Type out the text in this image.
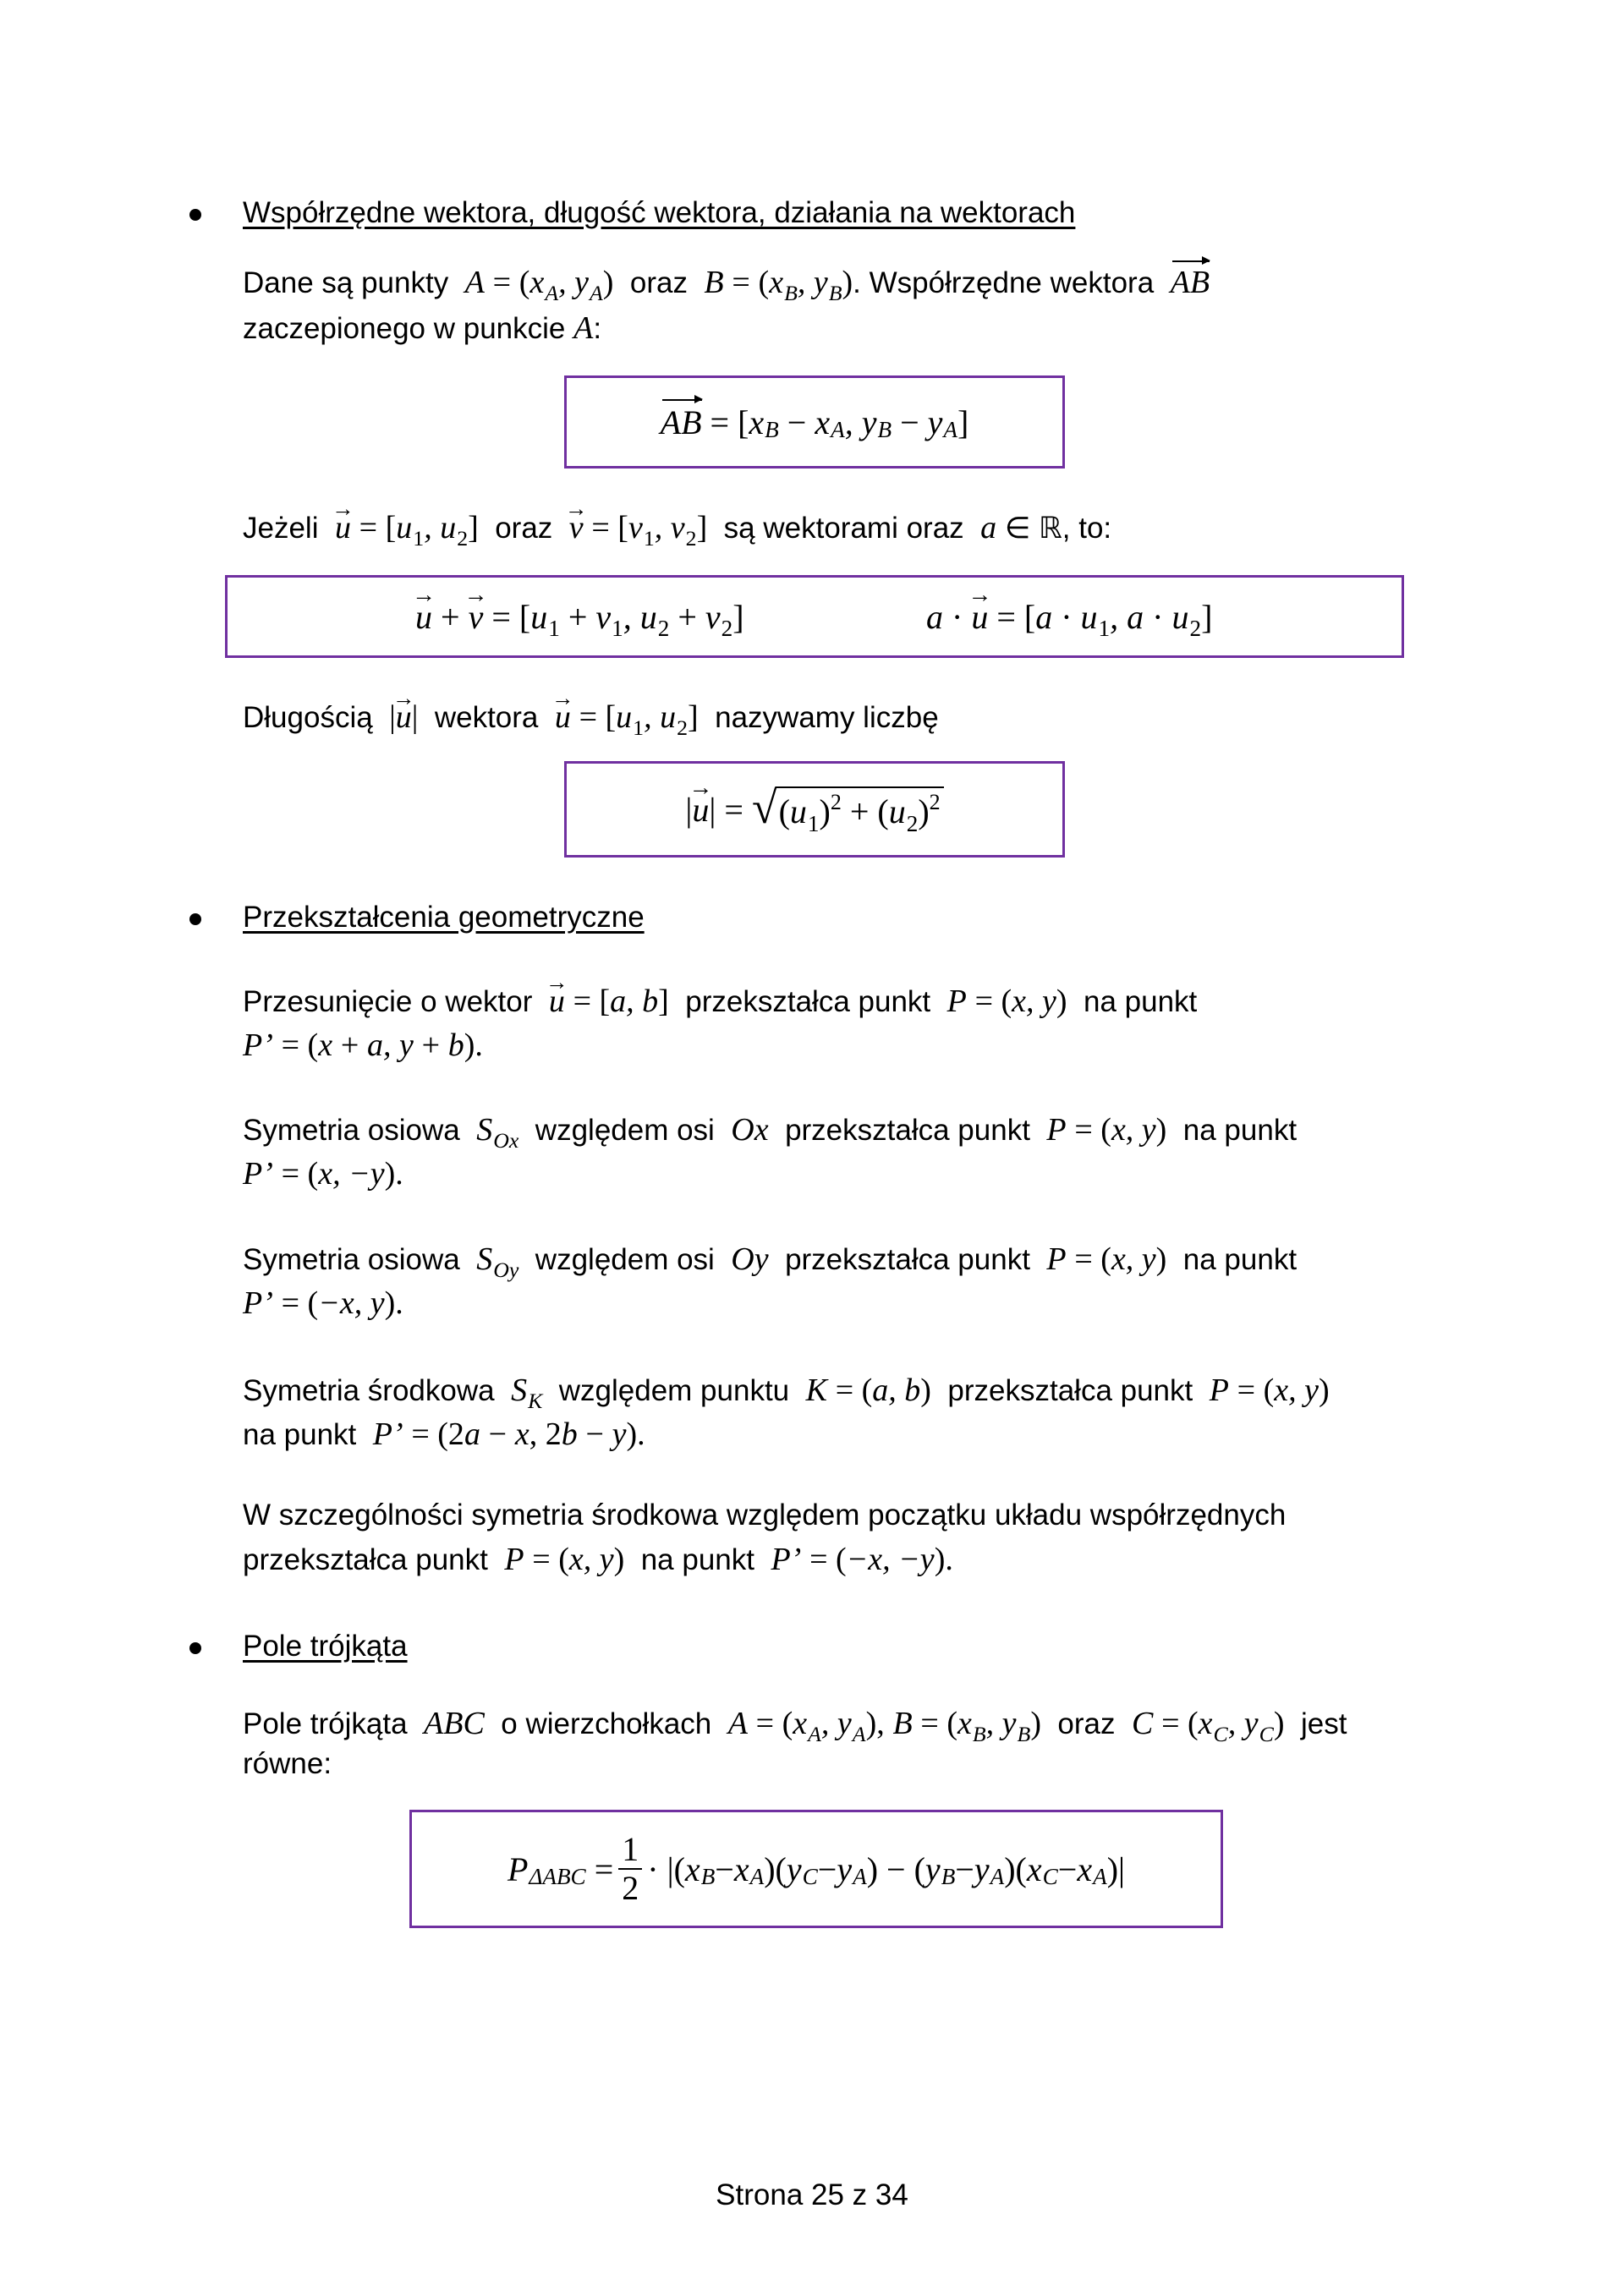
Współrzędne wektora, długość wektora, działania na wektorach
Dane są punkty $A = (x_A$, $y_A$) oraz $B = (x_B$, $y_B$). Współrzędne wektora AB
zaczepionego w punkcie A:
AB
=
[ x B
− x A , y B
− y A ]
Jeżeli → $u = [u_1$, $u_2$] oraz → $v = [v_1$, $v_2$] są wektorami oraz a ∈ ℝ, to:
→ u + → $v = [u_1 + v_1$, $u_2 + v_2$]	a · → $u = [a \cdot u_1$, $a \cdot u_2$]
Długością |→ u| wektora → $u = [u_1$, $u_2$] nazywamy liczbę
| → u |
=
√ $(u_1)^2 + (u_2)^2$
Przekształcenia geometryczne
Przesunięcie o wektor → u = [a, b] przekształca punkt P = (x, y) na punkt
P’ = (x + a, y + b).
Symetria osiowa $S_{Ox}$ względem osi Ox przekształca punkt P = (x, y) na punkt
P’ = (x, −y).
Symetria osiowa $S_{Oy}$ względem osi Oy przekształca punkt P = (x, y) na punkt
P’ = (−x, y).
Symetria środkowa $S_K$ względem punktu K = (a, b) przekształca punkt P = (x, y)
na punkt P’ = (2a − x, 2b − y).
W szczególności symetria środkowa względem początku układu współrzędnych
przekształca punkt P = (x, y) na punkt P’ = (−x, −y).
Pole trójkąta
Pole trójkąta ABC o wierzchołkach $A = (x_A$, $y_A$), $B = (x_B$, $y_B$) oraz $C = (x_C$, $y_C$) jest
równe:
P ΔABC
= $\frac{1}{2}$ ·
|( x B − x A )( y C − y A ) − ( y B − y A )( x C − x A )|
Strona 25 z 34
